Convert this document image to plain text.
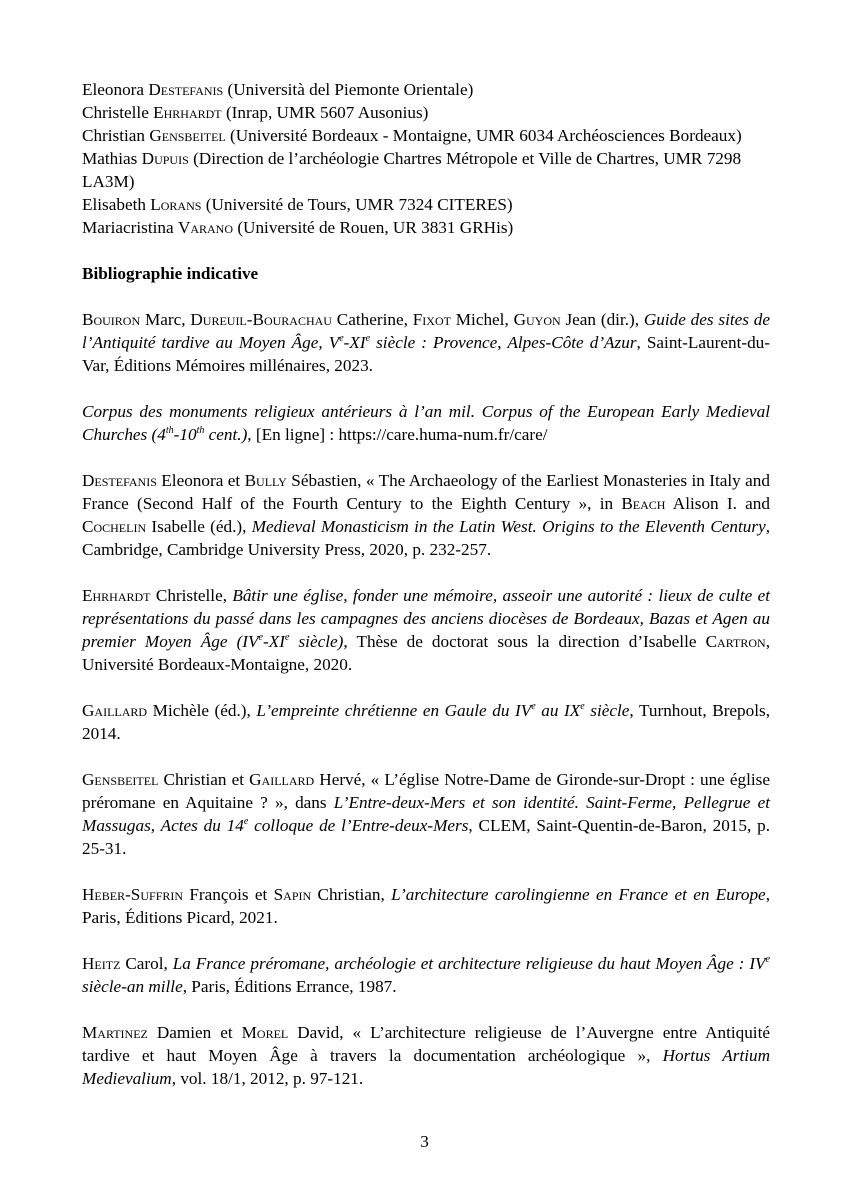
Eleonora Destefanis (Università del Piemonte Orientale)
Christelle Ehrhardt (Inrap, UMR 5607 Ausonius)
Christian Gensbeitel (Université Bordeaux - Montaigne, UMR 6034 Archéosciences Bordeaux)
Mathias Dupuis (Direction de l’archéologie Chartres Métropole et Ville de Chartres, UMR 7298 LA3M)
Elisabeth Lorans (Université de Tours, UMR 7324 CITERES)
Mariacristina Varano (Université de Rouen, UR 3831 GRHis)
Bibliographie indicative
Bouiron Marc, Dureuil-Bourachau Catherine, Fixot Michel, Guyon Jean (dir.), Guide des sites de l’Antiquité tardive au Moyen Âge, Ve-XIe siècle : Provence, Alpes-Côte d’Azur, Saint-Laurent-du-Var, Éditions Mémoires millénaires, 2023.
Corpus des monuments religieux antérieurs à l’an mil. Corpus of the European Early Medieval Churches (4th-10th cent.), [En ligne] : https://care.huma-num.fr/care/
Destefanis Eleonora et Bully Sébastien, « The Archaeology of the Earliest Monasteries in Italy and France (Second Half of the Fourth Century to the Eighth Century », in Beach Alison I. and Cochelin Isabelle (éd.), Medieval Monasticism in the Latin West. Origins to the Eleventh Century, Cambridge, Cambridge University Press, 2020, p. 232-257.
Ehrhardt Christelle, Bâtir une église, fonder une mémoire, asseoir une autorité : lieux de culte et représentations du passé dans les campagnes des anciens diocèses de Bordeaux, Bazas et Agen au premier Moyen Âge (IVe-XIe siècle), Thèse de doctorat sous la direction d’Isabelle Cartron, Université Bordeaux-Montaigne, 2020.
Gaillard Michèle (éd.), L’empreinte chrétienne en Gaule du IVe au IXe siècle, Turnhout, Brepols, 2014.
Gensbeitel Christian et Gaillard Hervé, « L’église Notre-Dame de Gironde-sur-Dropt : une église préromane en Aquitaine ? », dans L’Entre-deux-Mers et son identité. Saint-Ferme, Pellegrue et Massugas, Actes du 14e colloque de l’Entre-deux-Mers, CLEM, Saint-Quentin-de-Baron, 2015, p. 25-31.
Heber-Suffrin François et Sapin Christian, L’architecture carolingienne en France et en Europe, Paris, Éditions Picard, 2021.
Heitz Carol, La France préromane, archéologie et architecture religieuse du haut Moyen Âge : IVe siècle-an mille, Paris, Éditions Errance, 1987.
Martinez Damien et Morel David, « L’architecture religieuse de l’Auvergne entre Antiquité tardive et haut Moyen Âge à travers la documentation archéologique », Hortus Artium Medievalium, vol. 18/1, 2012, p. 97-121.
3
